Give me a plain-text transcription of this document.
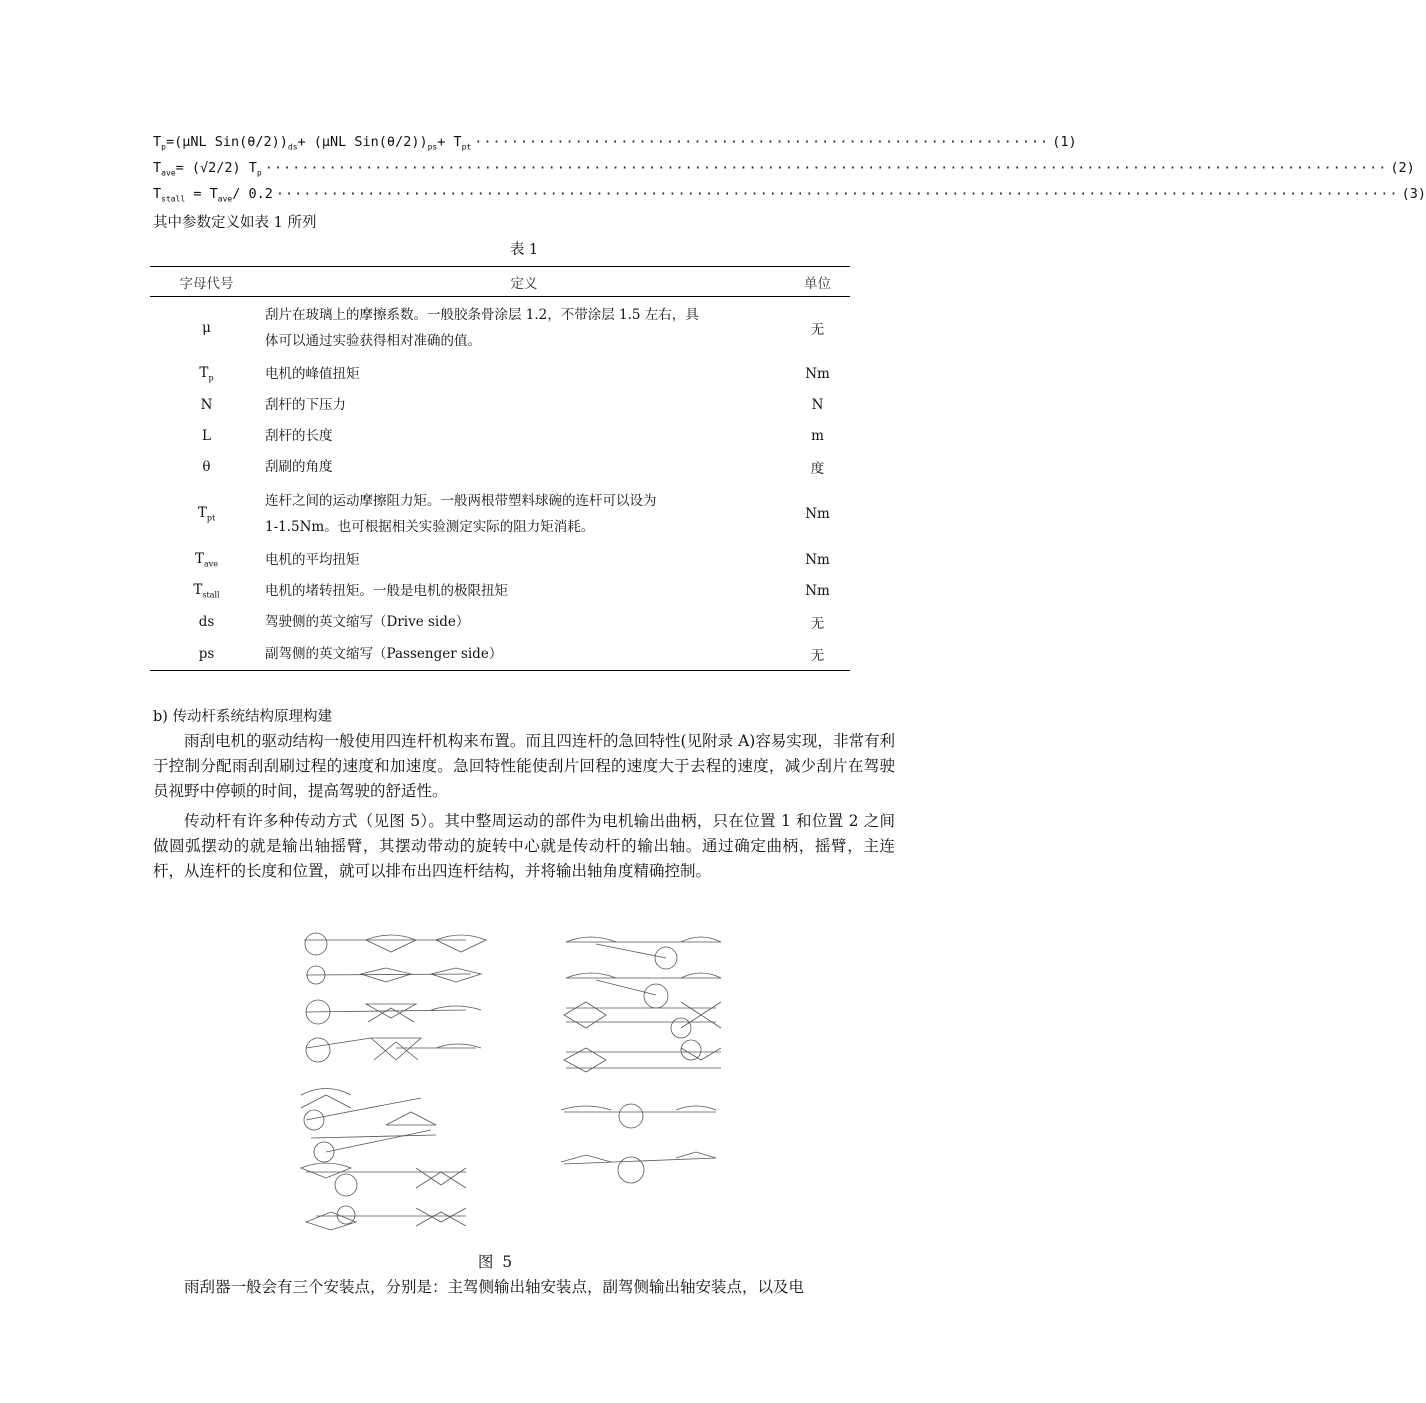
$T_p=(\mu NL$ $Sin(\theta/2))_{ds}+ (\mu NL$ $Sin(\theta/2))_{ps}+ T_{pt}$ ······························································· (1)
$T_{ave}= (√2/2)$ $T_p$ ··························································································································· (2)
$T_{stall} = T_{ave}/$ 0.2 ··························································································································· (3)
其中参数定义如表 1 所列
表 1
字母代号	定义	单位
μ	刮片在玻璃上的摩擦系数。一般胶条骨涂层 1.2，不带涂层 1.5 左右，具
体可以通过实验获得相对准确的值。	无
$T_p$	电机的峰值扭矩	Nm
N	刮杆的下压力	N
L	刮杆的长度	m
θ	刮刷的角度	度
$T_{pt}$	连杆之间的运动摩擦阻力矩。一般两根带塑料球碗的连杆可以设为
1-1.5Nm。也可根据相关实验测定实际的阻力矩消耗。	Nm
$T_{ave}$	电机的平均扭矩	Nm
$T_{stall}$	电机的堵转扭矩。一般是电机的极限扭矩	Nm
ds	驾驶侧的英文缩写（Drive side）	无
ps	副驾侧的英文缩写（Passenger side）	无
b) 传动杆系统结构原理构建
雨刮电机的驱动结构一般使用四连杆机构来布置。而且四连杆的急回特性(见附录 A)容易实现，非常有利于控制分配雨刮刮刷过程的速度和加速度。急回特性能使刮片回程的速度大于去程的速度，减少刮片在驾驶员视野中停顿的时间，提高驾驶的舒适性。
传动杆有许多种传动方式（见图 5）。其中整周运动的部件为电机输出曲柄，只在位置 1 和位置 2 之间做圆弧摆动的就是输出轴摇臂，其摆动带动的旋转中心就是传动杆的输出轴。通过确定曲柄，摇臂，主连杆，从连杆的长度和位置，就可以排布出四连杆结构，并将输出轴角度精确控制。
图 5
雨刮器一般会有三个安装点，分别是：主驾侧输出轴安装点，副驾侧输出轴安装点，以及电
